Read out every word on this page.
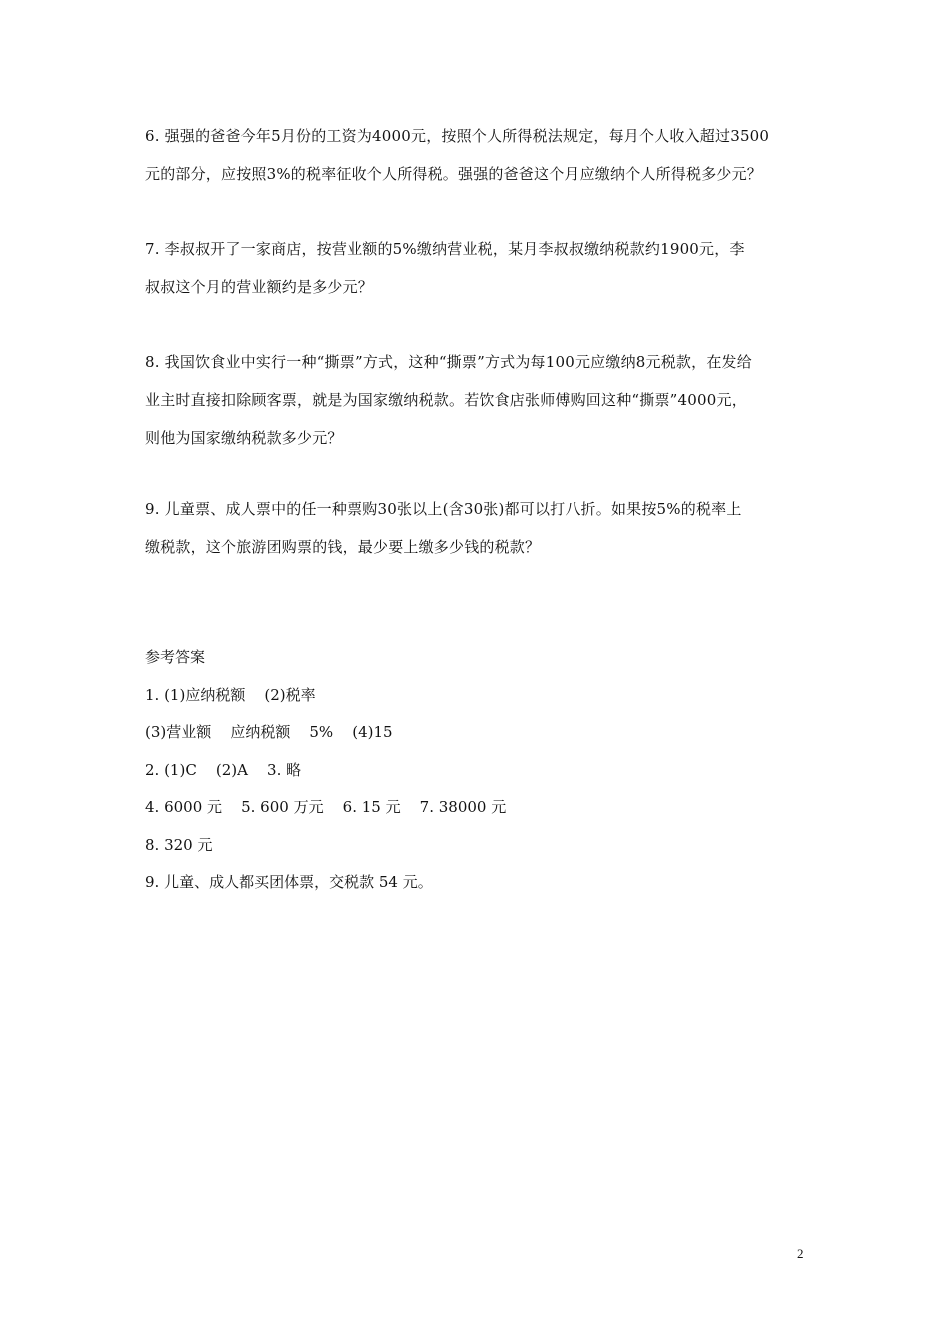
6. 强强的爸爸今年5月份的工资为4000元，按照个人所得税法规定，每月个人收入超过3500

元的部分，应按照3%的税率征收个人所得税。强强的爸爸这个月应缴纳个人所得税多少元？

7. 李叔叔开了一家商店，按营业额的5%缴纳营业税，某月李叔叔缴纳税款约1900元，李

叔叔这个月的营业额约是多少元？

8. 我国饮食业中实行一种“撕票”方式，这种“撕票”方式为每100元应缴纳8元税款，在发给

业主时直接扣除顾客票，就是为国家缴纳税款。若饮食店张师傅购回这种“撕票”4000元，

则他为国家缴纳税款多少元？

9. 儿童票、成人票中的任一种票购30张以上(含30张)都可以打八折。如果按5%的税率上

缴税款，这个旅游团购票的钱，最少要上缴多少钱的税款？

参考答案
1. (1)应纳税额    (2)税率
(3)营业额    应纳税额    5%    (4)15
2. (1)C    (2)A    3. 略
4. 6000 元    5. 600 万元    6. 15 元    7. 38000 元
8. 320 元
9. 儿童、成人都买团体票，交税款 54 元。
2
